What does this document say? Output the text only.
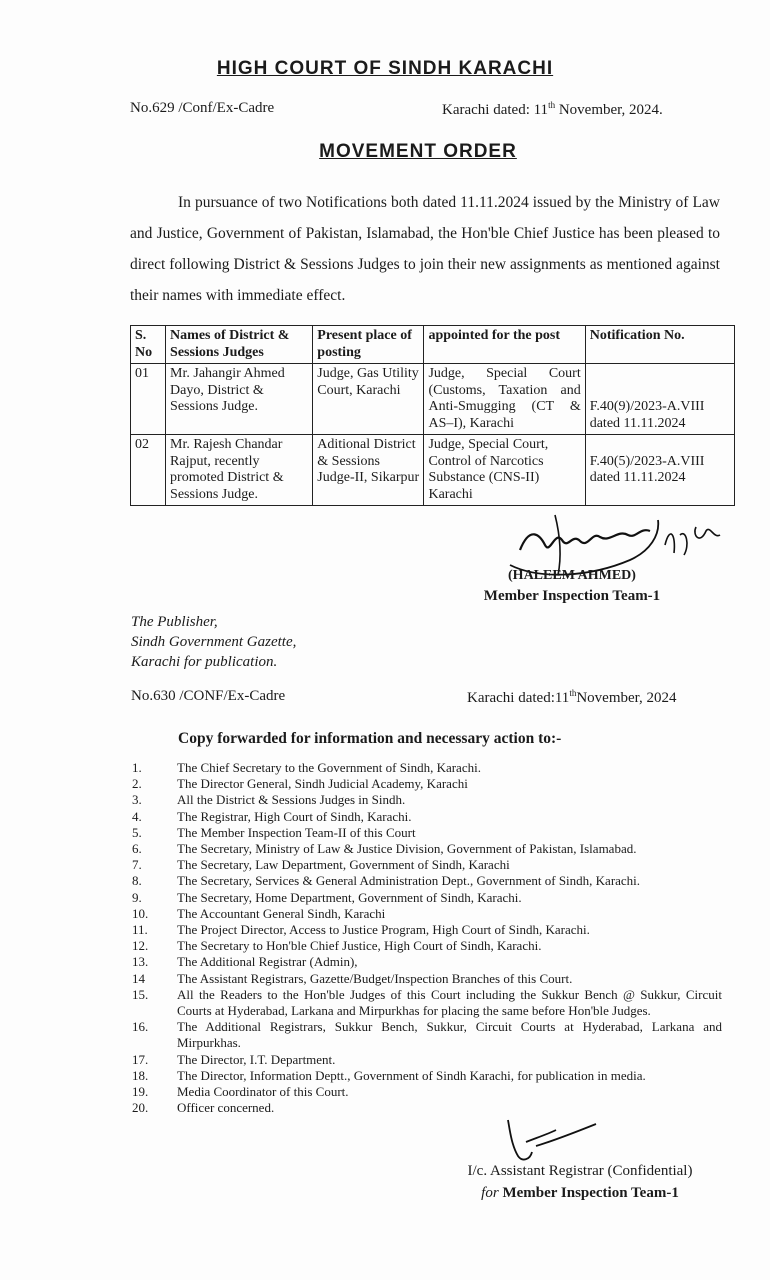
HIGH COURT OF SINDH KARACHI
No.629 /Conf/Ex-Cadre	Karachi dated: 11th November, 2024.
MOVEMENT ORDER
In pursuance of two Notifications both dated 11.11.2024 issued by the Ministry of Law and Justice, Government of Pakistan, Islamabad, the Hon'ble Chief Justice has been pleased to direct following District & Sessions Judges to join their new assignments as mentioned against their names with immediate effect.
S. No	Names of District & Sessions Judges	Present place of posting	appointed for the post	Notification No.
01	Mr. Jahangir Ahmed Dayo, District & Sessions Judge.	Judge, Gas Utility Court, Karachi	Judge, Special Court (Customs, Taxation and Anti-Smugging (CT & AS–I), Karachi	F.40(9)/2023-A.VIII dated 11.11.2024
02	Mr. Rajesh Chandar Rajput, recently promoted District & Sessions Judge.	Aditional District & Sessions Judge-II, Sikarpur	Judge, Special Court, Control of Narcotics Substance (CNS-II) Karachi	F.40(5)/2023-A.VIII dated 11.11.2024
(HALEEM AHMED)
Member Inspection Team-1
The Publisher,
Sindh Government Gazette,
Karachi for publication.
No.630 /CONF/Ex-Cadre	Karachi dated:11thNovember, 2024
Copy forwarded for information and necessary action to:-
1.	The Chief Secretary to the Government of Sindh, Karachi.
2.	The Director General, Sindh Judicial Academy, Karachi
3.	All the District & Sessions Judges in Sindh.
4.	The Registrar, High Court of Sindh, Karachi.
5.	The Member Inspection Team-II of this Court
6.	The Secretary, Ministry of Law & Justice Division, Government of Pakistan, Islamabad.
7.	The Secretary, Law Department, Government of Sindh, Karachi
8.	The Secretary, Services & General Administration Dept., Government of Sindh, Karachi.
9.	The Secretary, Home Department, Government of Sindh, Karachi.
10.	The Accountant General Sindh, Karachi
11.	The Project Director, Access to Justice Program, High Court of Sindh, Karachi.
12.	The Secretary to Hon'ble Chief Justice, High Court of Sindh, Karachi.
13.	The Additional Registrar (Admin),
14	The Assistant Registrars, Gazette/Budget/Inspection Branches of this Court.
15.	All the Readers to the Hon'ble Judges of this Court including the Sukkur Bench @ Sukkur, Circuit Courts at Hyderabad, Larkana and Mirpurkhas for placing the same before Hon'ble Judges.
16.	The Additional Registrars, Sukkur Bench, Sukkur, Circuit Courts at Hyderabad, Larkana and Mirpurkhas.
17.	The Director, I.T. Department.
18.	The Director, Information Deptt., Government of Sindh Karachi, for publication in media.
19.	Media Coordinator of this Court.
20.	Officer concerned.
I/c. Assistant Registrar (Confidential)
for Member Inspection Team-1
